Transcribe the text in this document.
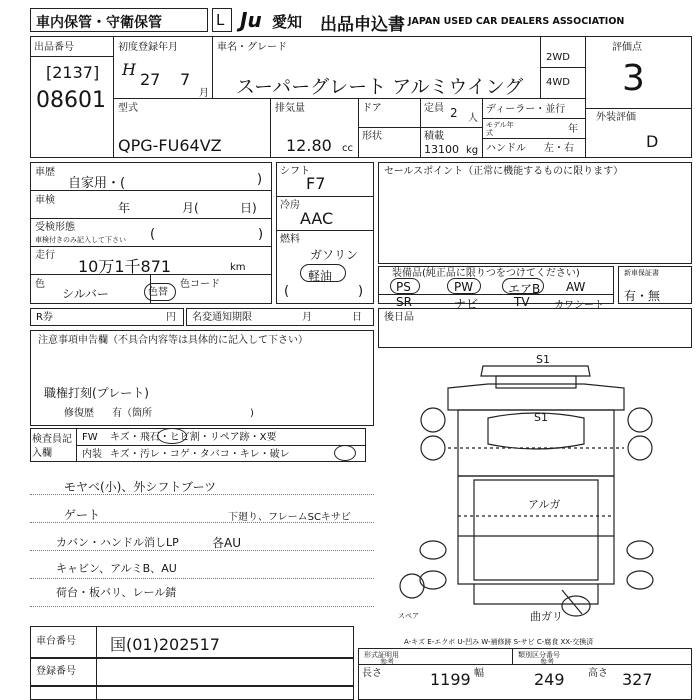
車内保管・守衛保管	L Ju 愛知 出品申込書 JAPAN USED CAR DEALERS ASSOCIATION
出品番号
[2137]
08601
初度登録年月
H
27 7
月
車名・グレード
スーパーグレート アルミウイング
2WD
4WD
評価点
3
外装評価
D
型式
QPG-FU64VZ
排気量
12.80 cc
ドア	定員 2 人
形状	積載
13100 kg
ディーラー・並行
モデル年式	年
ハンドル 左・右
車歴
自家用・(	)
車検
年	月(	日)
受検形態
車検付きのみ記入して下さい (	)
走行
10万1千871	km
色
シルバー	色替
色コード
シフト
F7
冷房
AAC
燃料
ガソリン
軽油
(	)
セールスポイント（正常に機能するものに限ります）
装備品(純正品に限りつをつけてください)
PS	PW	エアB AW
SR	ナビ	TV カワシート
新車保証書
有・無
R券	円 名変通知期限	月	日 後日品
注意事項申告欄（不具合内容等は具体的に記入して下さい）
職権打刻(プレート)
修復歴 有（箇所	)
検査員記入欄
FW キズ・飛石・ヒビ割・リペア跡・X要
内装 キズ・汚レ・コゲ・タバコ・キレ・破レ
モヤベ(小)、外シフトブーツ
ゲート	下廻り、フレームSCキサビ
カバン・ハンドル消しLP	各AU
キャビン、アルミB、AU
荷台・板バリ、レール錆
S1
S1
アルガ
スペア	曲ガリ
A-キズ E-エクボ U-凹み W-補修跡 S-サビ C-腐食 XX-交換済
車台番号 国(01)202517
登録番号
形式証明用
参考
類別区分番号
参考
長さ	1199 幅	249 高さ 327
